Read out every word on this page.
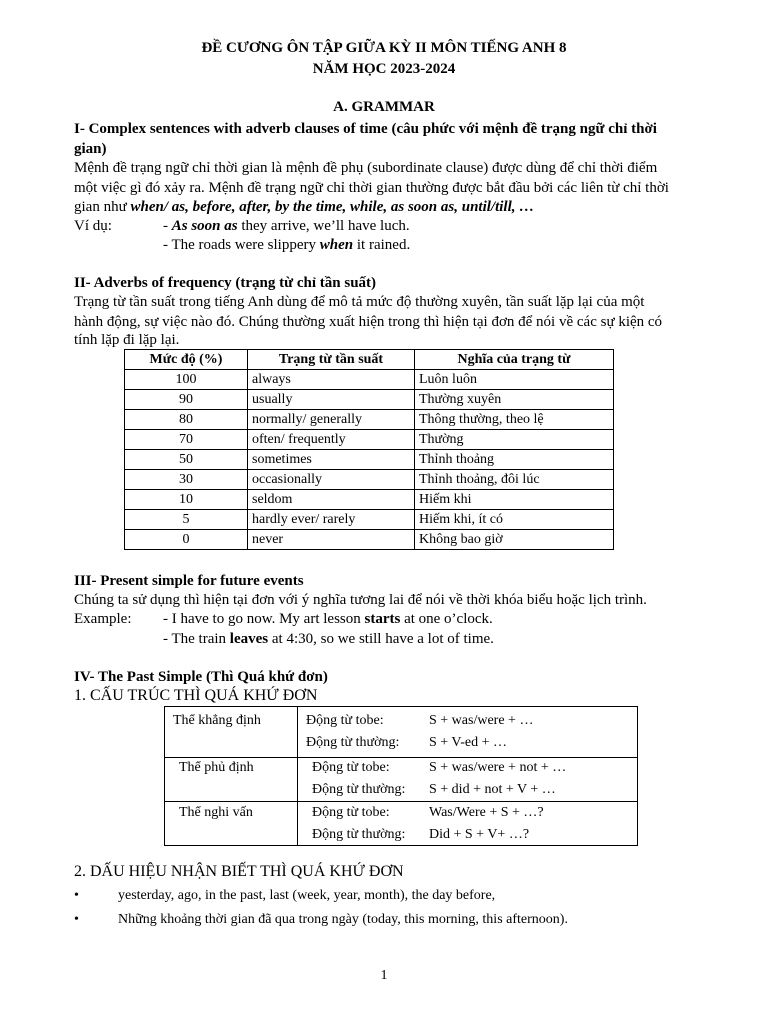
ĐỀ CƯƠNG ÔN TẬP GIỮA KỲ II MÔN TIẾNG ANH 8
NĂM HỌC 2023-2024
A. GRAMMAR
I- Complex sentences with adverb clauses of time (câu phức với mệnh đề trạng ngữ chỉ thời
gian)
Mệnh đề trạng ngữ chỉ thời gian là mệnh đề phụ (subordinate clause) được dùng để chỉ thời điểm
một việc gì đó xảy ra. Mệnh đề trạng ngữ chỉ thời gian thường được bắt đầu bởi các liên từ chỉ thời
gian như when/ as, before, after, by the time, while, as soon as, until/till, …
Ví dụ:	- As soon as they arrive, we’ll have luch.
- The roads were slippery when it rained.
II- Adverbs of frequency (trạng từ chỉ tần suất)
Trạng từ tần suất trong tiếng Anh dùng để mô tả mức độ thường xuyên, tần suất lặp lại của một
hành động, sự việc nào đó. Chúng thường xuất hiện trong thì hiện tại đơn để nói về các sự kiện có
tính lặp đi lặp lại.
Mức độ (%)	Trạng từ tần suất	Nghĩa của trạng từ
100	always	Luôn luôn
90	usually	Thường xuyên
80	normally/ generally	Thông thường, theo lệ
70	often/ frequently	Thường
50	sometimes	Thỉnh thoảng
30	occasionally	Thỉnh thoảng, đôi lúc
10	seldom	Hiếm khi
5	hardly ever/ rarely	Hiếm khi, ít có
0	never	Không bao giờ
III- Present simple for future events
Chúng ta sử dụng thì hiện tại đơn với ý nghĩa tương lai để nói về thời khóa biểu hoặc lịch trình.
Example: - I have to go now. My art lesson starts at one o’clock.
- The train leaves at 4:30, so we still have a lot of time.
IV- The Past Simple (Thì Quá khứ đơn)
1. CẤU TRÚC THÌ QUÁ KHỨ ĐƠN
Thể khẳng định	Động từ tobe:	S + was/were + …
Động từ thường: S + V-ed + …
Thể phủ định	Động từ tobe:	S + was/were + not + …
Động từ thường: S + did + not + V + …
Thể nghi vấn	Động từ tobe:	Was/Were + S + …?
Động từ thường: Did + S + V+ …?
2. DẤU HIỆU NHẬN BIẾT THÌ QUÁ KHỨ ĐƠN
•	yesterday, ago, in the past, last (week, year, month), the day before,
•	Những khoảng thời gian đã qua trong ngày (today, this morning, this afternoon).
1
